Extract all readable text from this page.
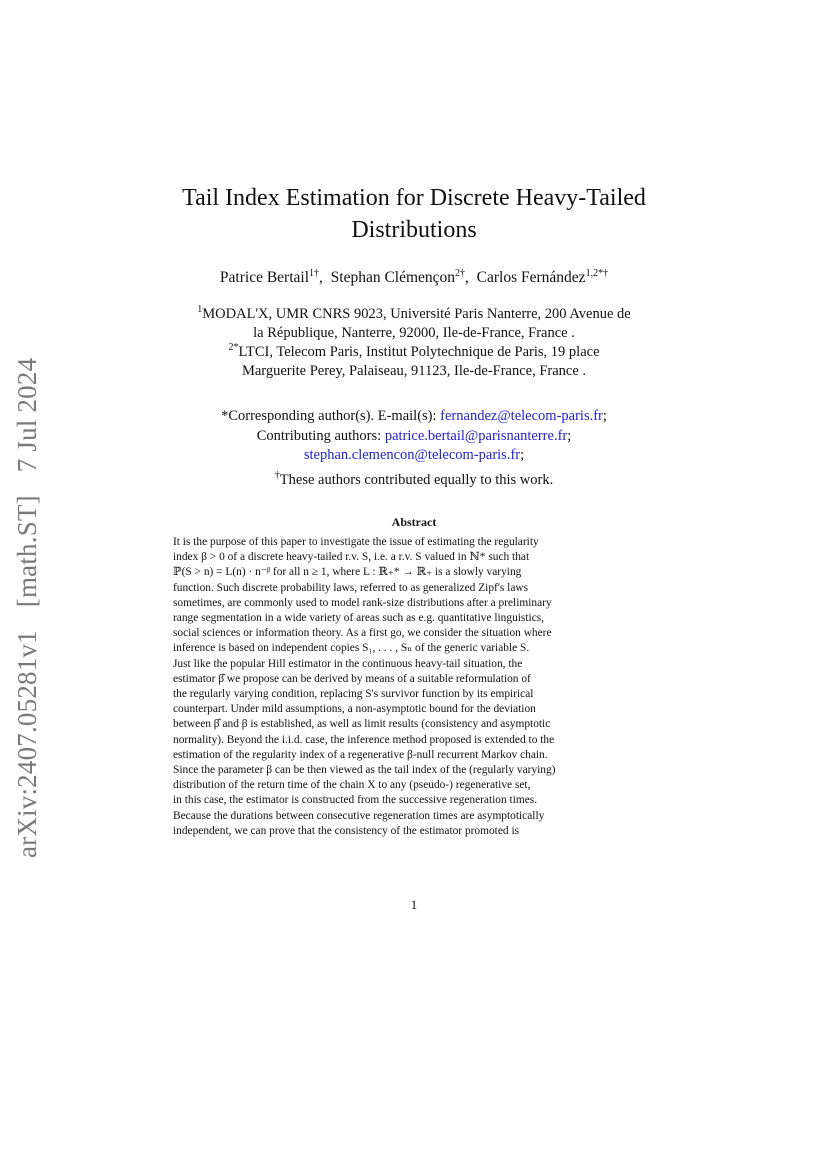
arXiv:2407.05281v1 [math.ST] 7 Jul 2024
Tail Index Estimation for Discrete Heavy-Tailed
Distributions
Patrice Bertail$^{1\dagger}$,  Stephan Clémençon$^{2\dagger}$,  Carlos Fernández$^{1,2*\dagger}$
$^1$MODAL'X, UMR CNRS 9023, Université Paris Nanterre, 200 Avenue de
la République, Nanterre, 92000, Ile-de-France, France .
$^{2*}$LTCI, Telecom Paris, Institut Polytechnique de Paris, 19 place
Marguerite Perey, Palaiseau, 91123, Ile-de-France, France .
*Corresponding author(s). E-mail(s): fernandez@telecom-paris.fr;
Contributing authors: patrice.bertail@parisnanterre.fr;
stephan.clemencon@telecom-paris.fr;
†These authors contributed equally to this work.
Abstract
It is the purpose of this paper to investigate the issue of estimating the regularity
index β > 0 of a discrete heavy-tailed r.v. S, i.e. a r.v. S valued in ℕ* such that
ℙ(S > n) = L(n) · n⁻ᵝ for all n ≥ 1, where L : ℝ₊* → ℝ₊ is a slowly varying
function. Such discrete probability laws, referred to as generalized Zipf's laws
sometimes, are commonly used to model rank-size distributions after a preliminary
range segmentation in a wide variety of areas such as e.g. quantitative linguistics,
social sciences or information theory. As a first go, we consider the situation where
inference is based on independent copies S₁, . . . , Sₙ of the generic variable S.
Just like the popular Hill estimator in the continuous heavy-tail situation, the
estimator β̂ we propose can be derived by means of a suitable reformulation of
the regularly varying condition, replacing S's survivor function by its empirical
counterpart. Under mild assumptions, a non-asymptotic bound for the deviation
between β̂ and β is established, as well as limit results (consistency and asymptotic
normality). Beyond the i.i.d. case, the inference method proposed is extended to the
estimation of the regularity index of a regenerative β-null recurrent Markov chain.
Since the parameter β can be then viewed as the tail index of the (regularly varying)
distribution of the return time of the chain X to any (pseudo-) regenerative set,
in this case, the estimator is constructed from the successive regeneration times.
Because the durations between consecutive regeneration times are asymptotically
independent, we can prove that the consistency of the estimator promoted is
1
